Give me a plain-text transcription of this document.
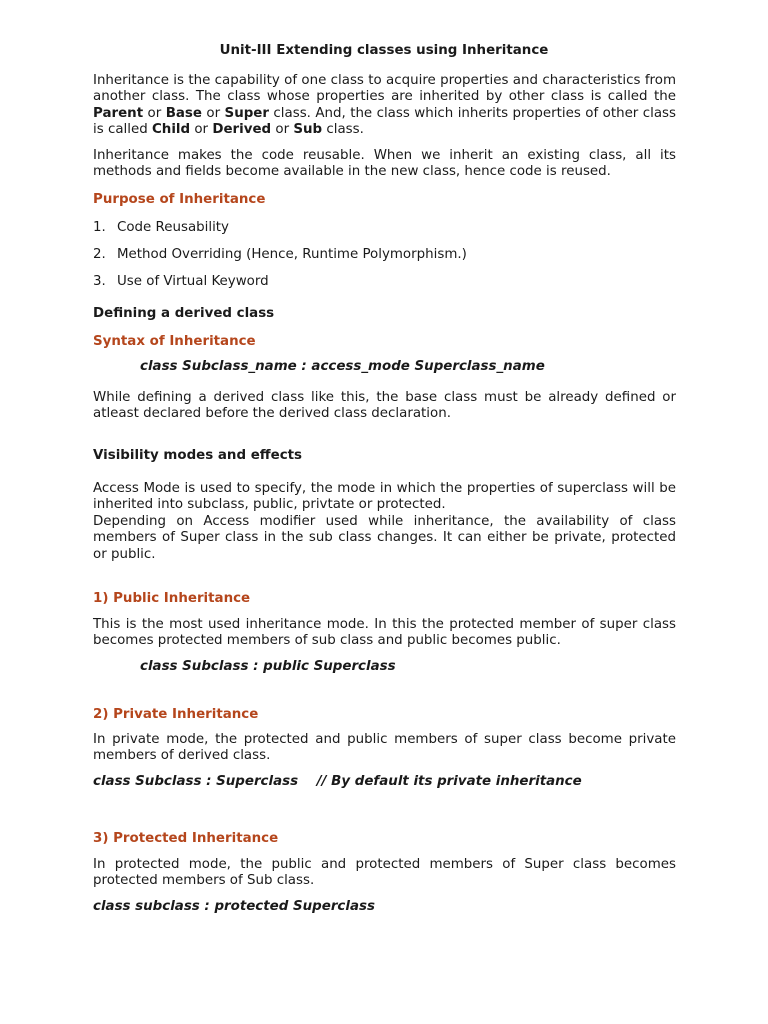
Unit-III Extending classes using Inheritance

Inheritance is the capability of one class to acquire properties and characteristics from another class. The class whose properties are inherited by other class is called the Parent or Base or Super class. And, the class which inherits properties of other class is called Child or Derived or Sub class.

Inheritance makes the code reusable. When we inherit an existing class, all its methods and fields become available in the new class, hence code is reused.

Purpose of Inheritance

1. Code Reusability

2. Method Overriding (Hence, Runtime Polymorphism.)

3. Use of Virtual Keyword

Defining a derived class

Syntax of Inheritance

class Subclass_name : access_mode Superclass_name

While defining a derived class like this, the base class must be already defined or atleast declared before the derived class declaration.

Visibility modes and effects

Access Mode is used to specify, the mode in which the properties of superclass will be inherited into subclass, public, privtate or protected.

Depending on Access modifier used while inheritance, the availability of class members of Super class in the sub class changes. It can either be private, protected or public.

1) Public Inheritance

This is the most used inheritance mode. In this the protected member of super class becomes protected members of sub class and public becomes public.

class Subclass : public Superclass

2) Private Inheritance

In private mode, the protected and public members of super class become private members of derived class.

class Subclass : Superclass    // By default its private inheritance

3) Protected Inheritance

In protected mode, the public and protected members of Super class becomes protected members of Sub class.

class subclass : protected Superclass
